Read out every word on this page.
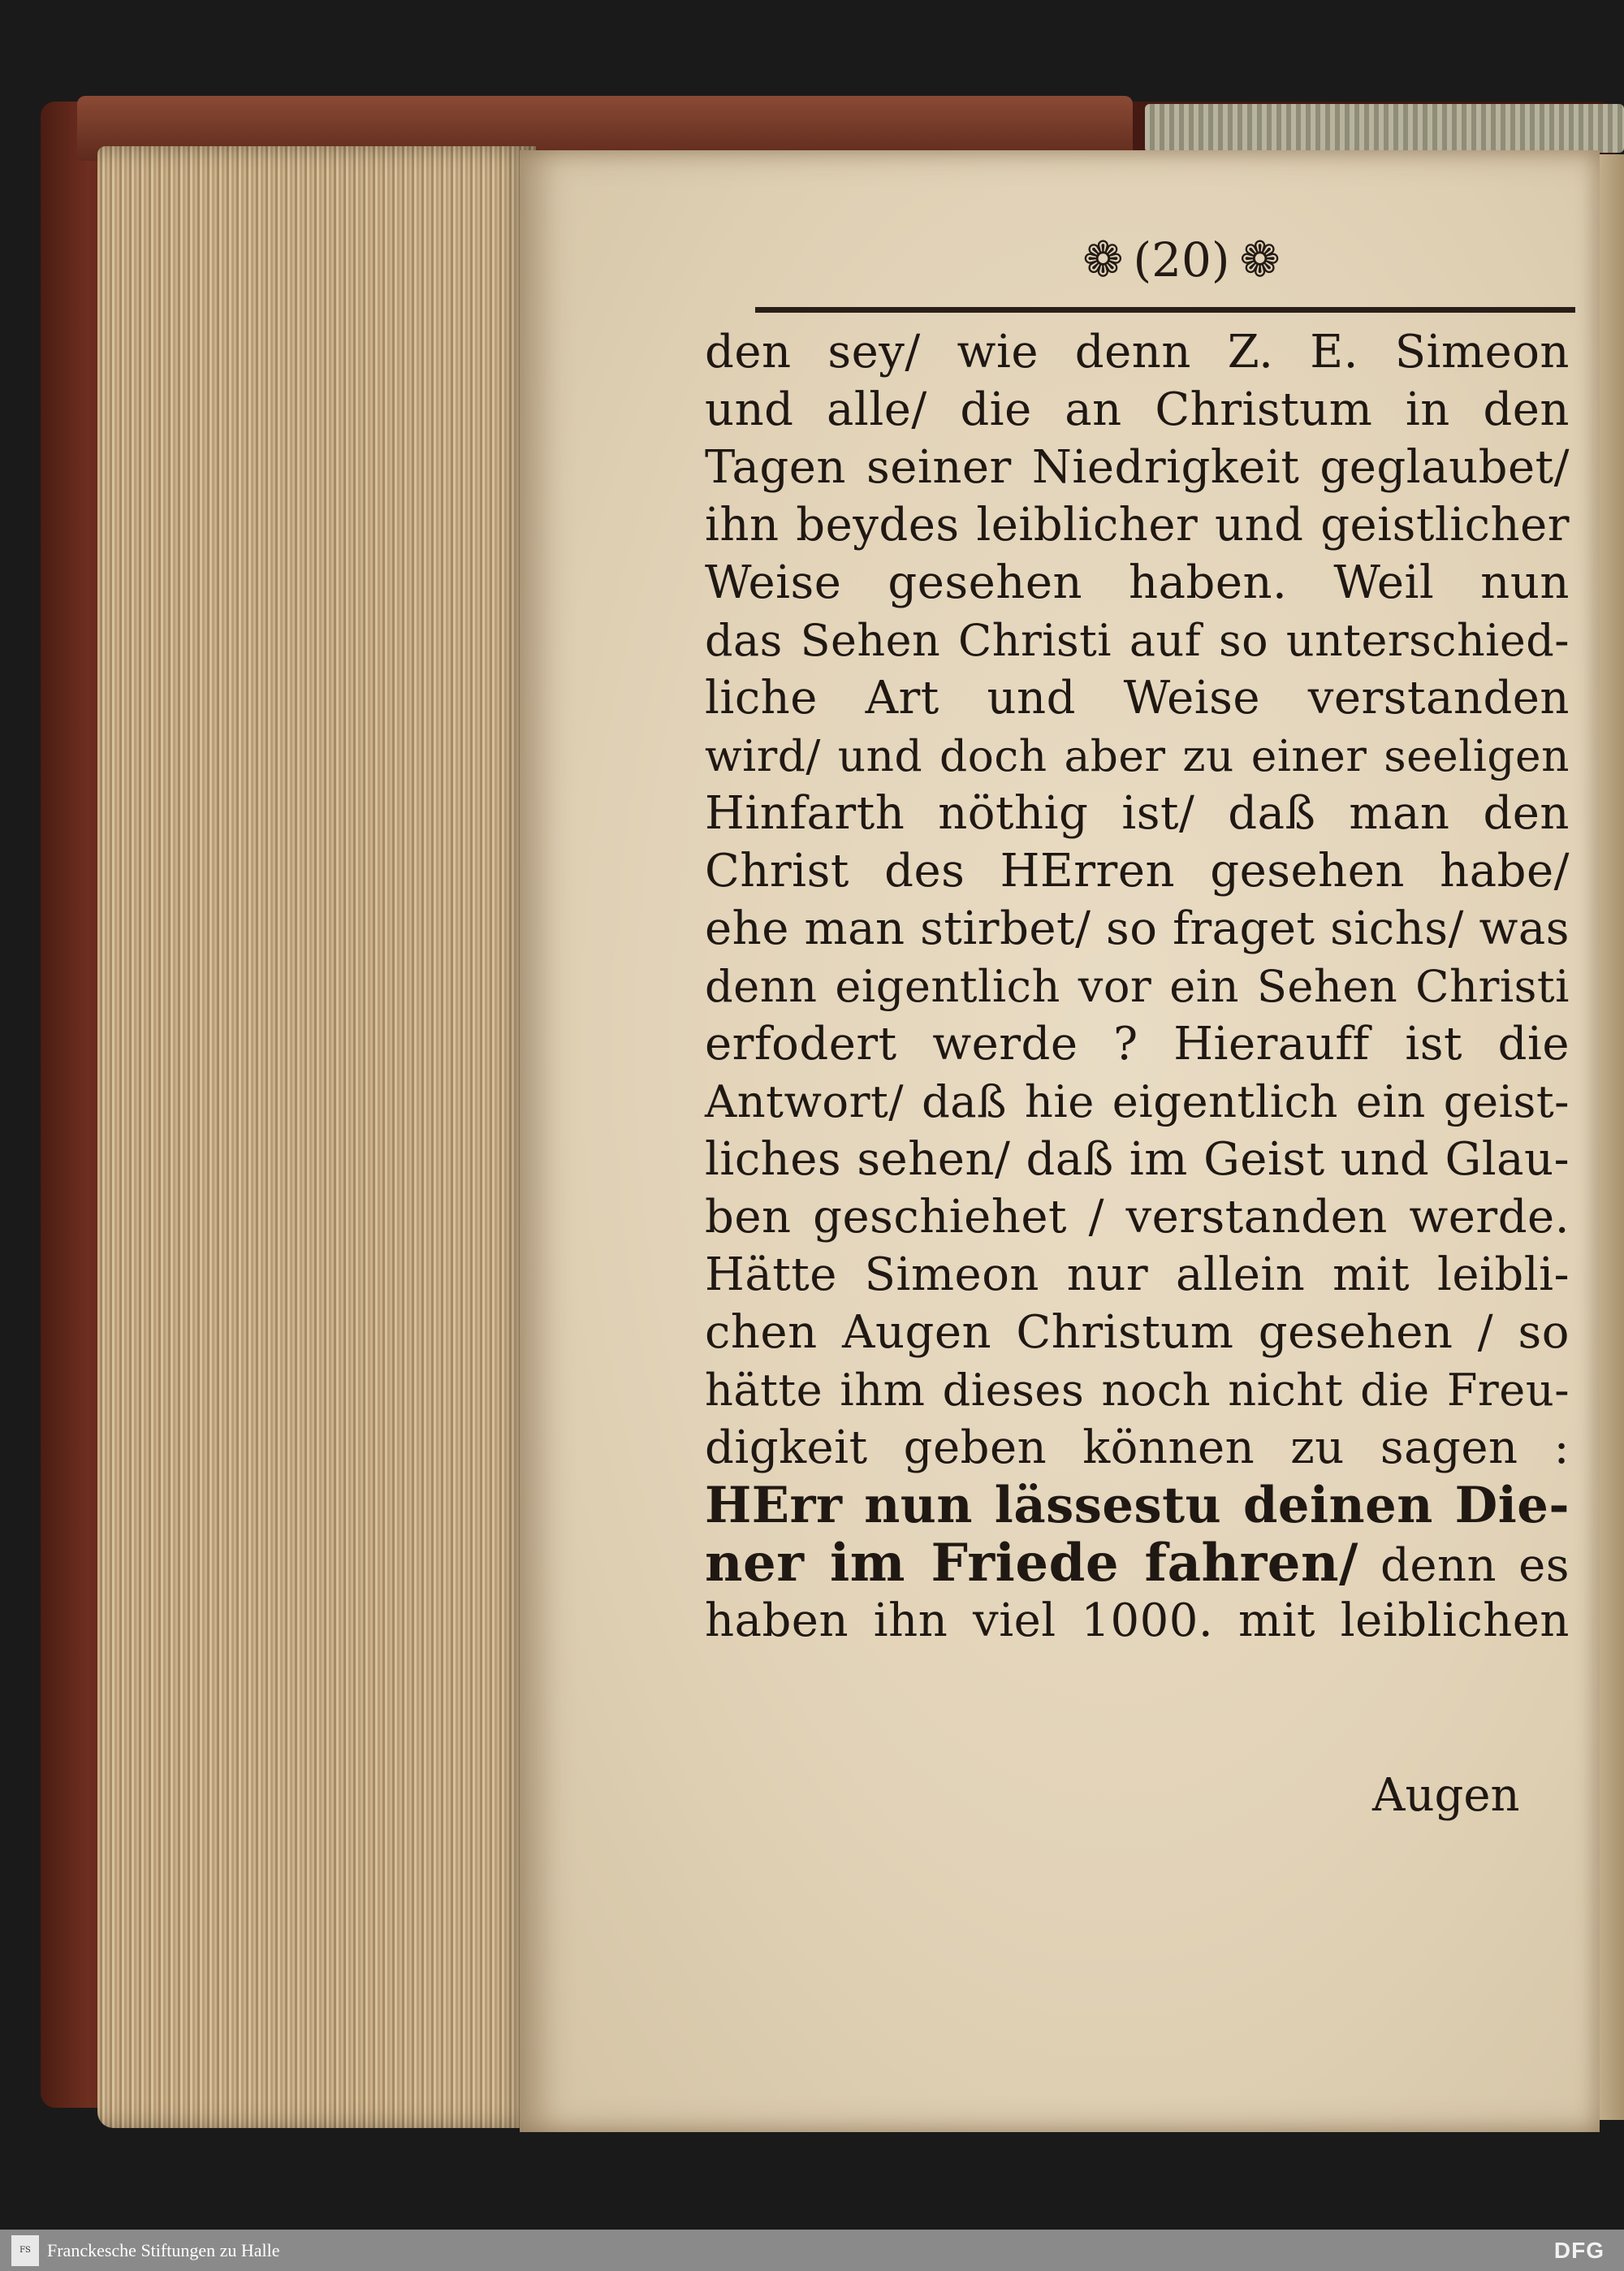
❁ (20) ❁
den sey/ wie denn Z. E. Simeon
und alle/ die an Christum in den
Tagen seiner Niedrigkeit geglaubet/
ihn beydes leiblicher und geistlicher
Weise gesehen haben. Weil nun
das Sehen Christi auf so unterschied-
liche Art und Weise verstanden
wird/ und doch aber zu einer seeligen
Hinfarth nöthig ist/ daß man den
Christ des HErren gesehen habe/
ehe man stirbet/ so fraget sichs/ was
denn eigentlich vor ein Sehen Christi
erfodert werde ? Hierauff ist die
Antwort/ daß hie eigentlich ein geist-
liches sehen/ daß im Geist und Glau-
ben geschiehet / verstanden werde.
Hätte Simeon nur allein mit leibli-
chen Augen Christum gesehen / so
hätte ihm dieses noch nicht die Freu-
digkeit geben können zu sagen :
HErr nun lässestu deinen Die-
ner im Friede fahren/ denn es
haben ihn viel 1000. mit leiblichen
Augen
FS Franckesche Stiftungen zu Halle	DFG
